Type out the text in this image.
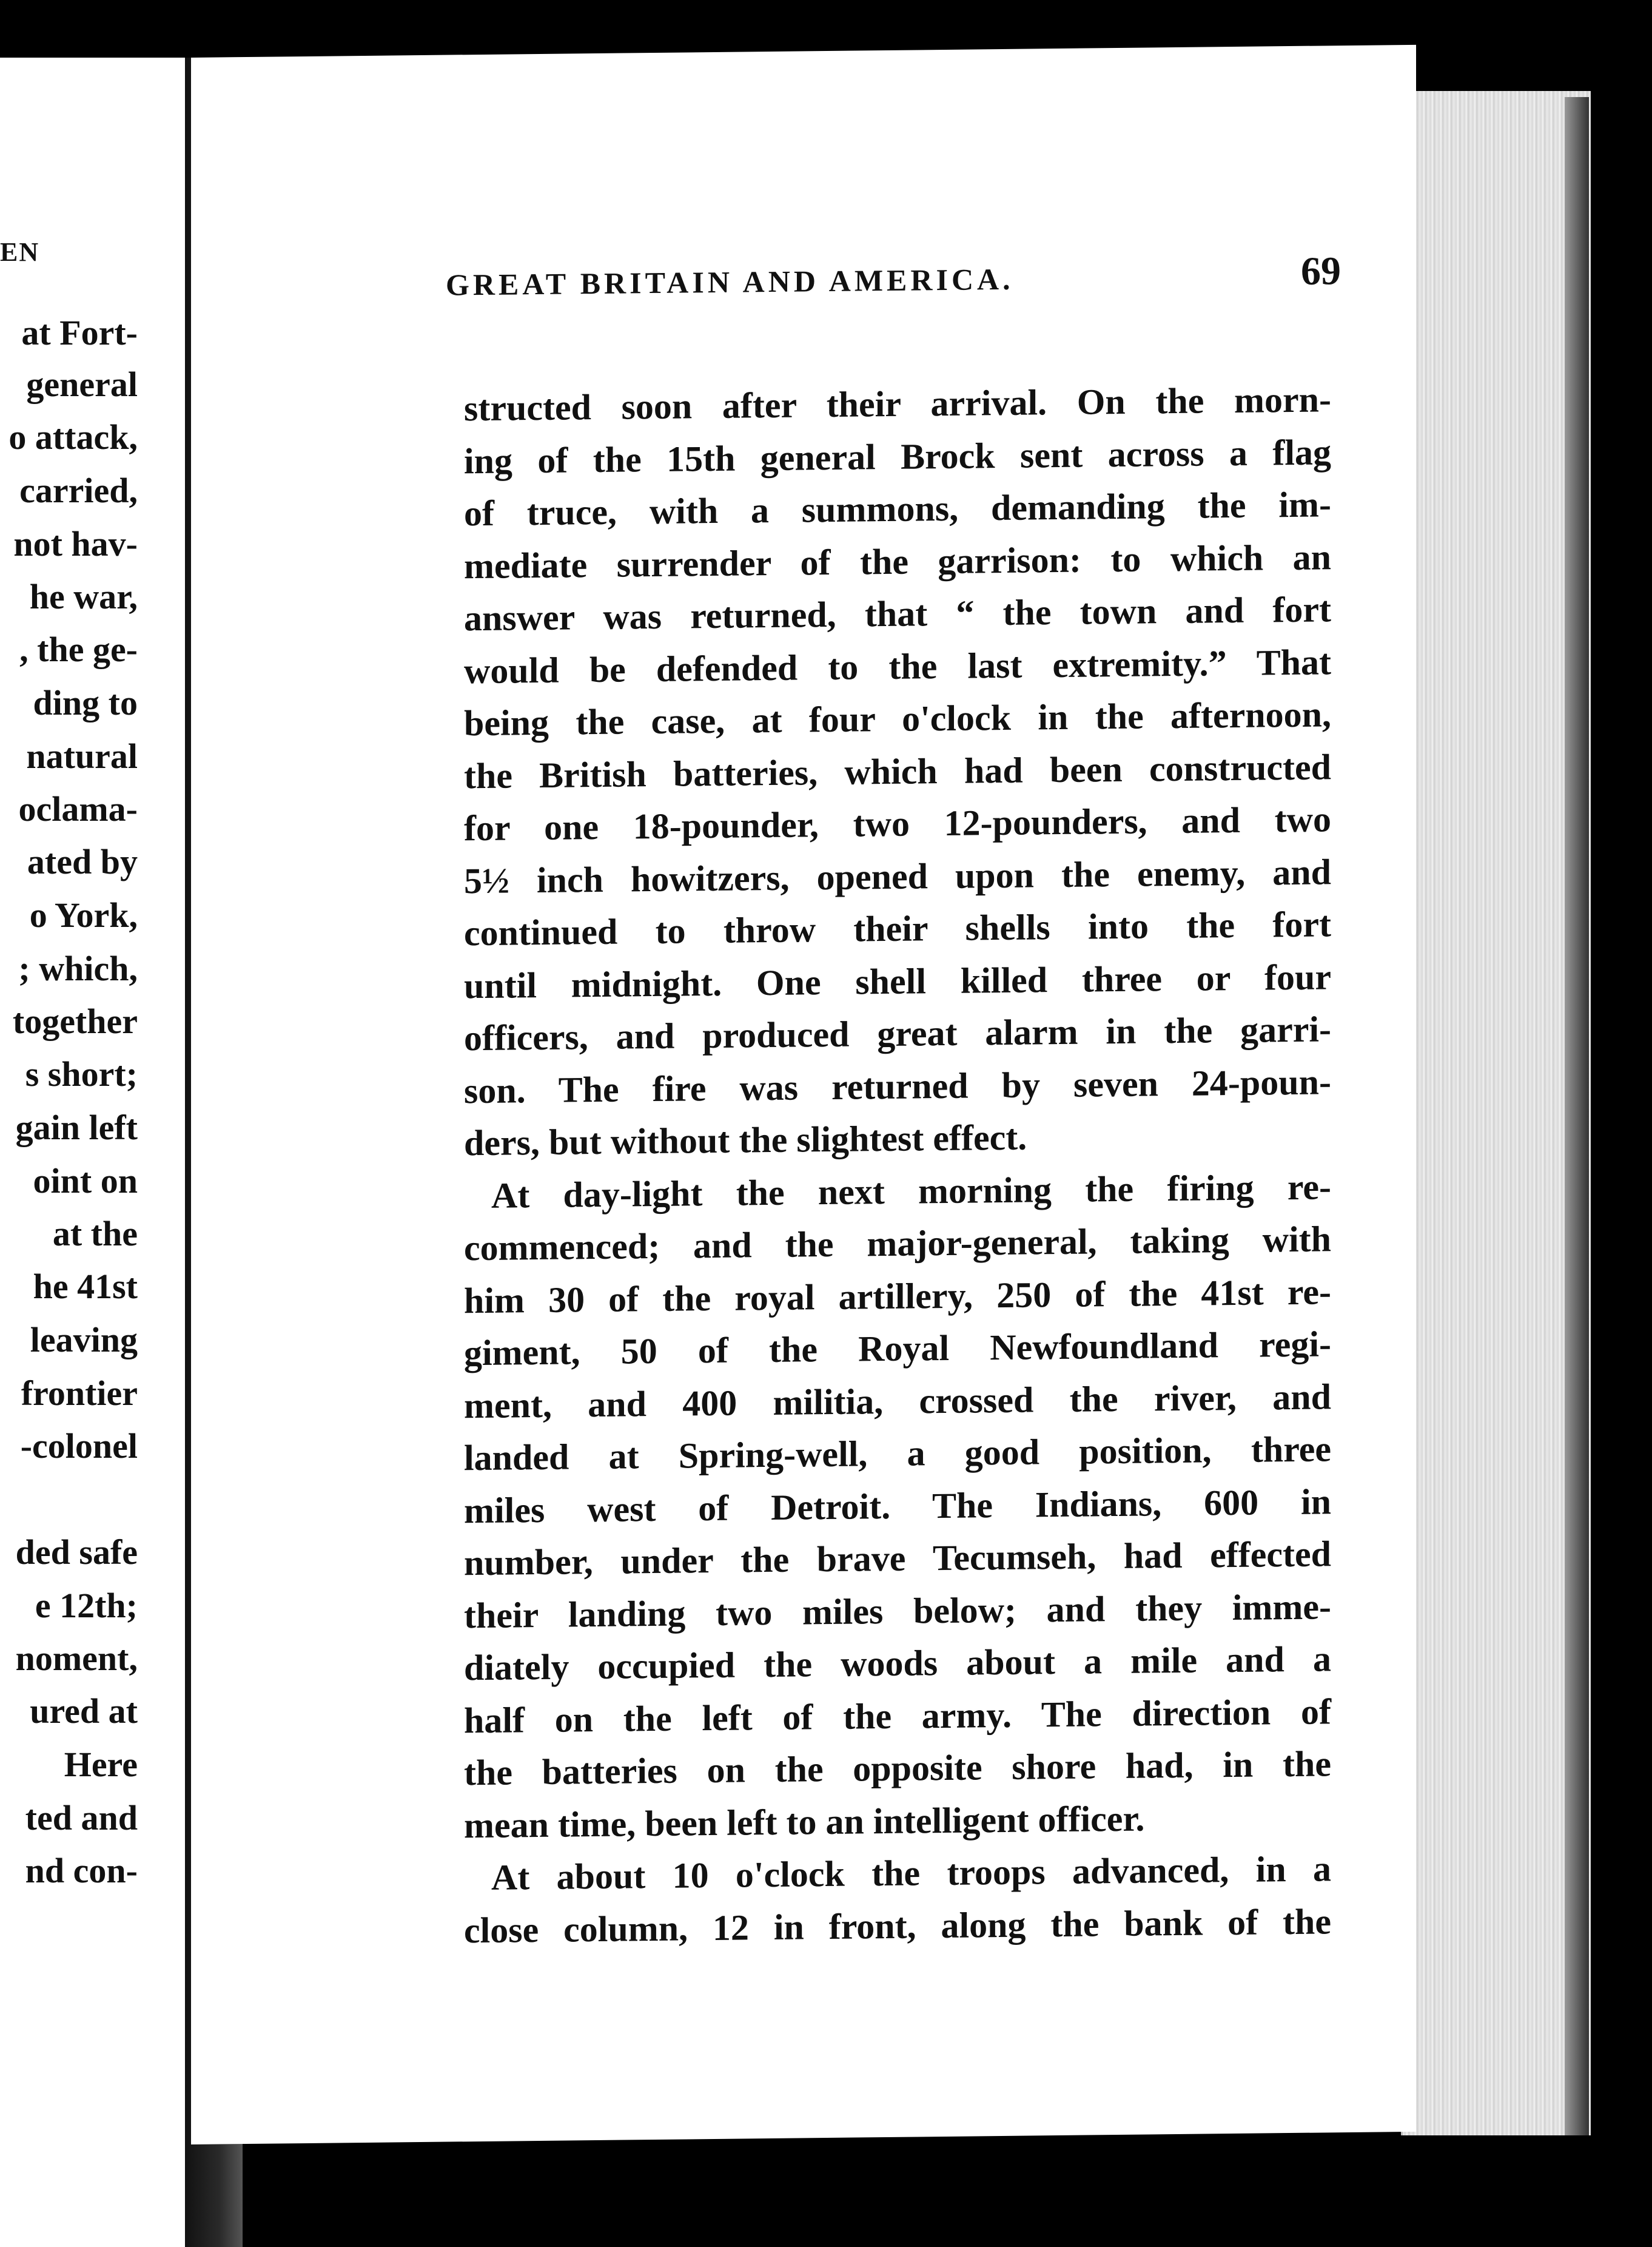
EN
at Fort-
general
o attack,
carried,
not hav-
he war,
, the ge-
ding to
natural
oclama-
ated by
o York,
; which,
together
s short;
gain left
oint on
at the
he 41st
leaving
frontier
-colonel
ded safe
e 12th;
noment,
ured at
Here
ted and
nd con-
GREAT BRITAIN AND AMERICA.	69
structed soon after their arrival. On the morn-
ing of the 15th general Brock sent across a flag
of truce, with a summons, demanding the im-
mediate surrender of the garrison: to which an
answer was returned, that “ the town and fort
would be defended to the last extremity.” That
being the case, at four o'clock in the afternoon,
the British batteries, which had been constructed
for one 18-pounder, two 12-pounders, and two
5½ inch howitzers, opened upon the enemy, and
continued to throw their shells into the fort
until midnight. One shell killed three or four
officers, and produced great alarm in the garri-
son. The fire was returned by seven 24-poun-
ders, but without the slightest effect.
At day-light the next morning the firing re-
commenced; and the major-general, taking with
him 30 of the royal artillery, 250 of the 41st re-
giment, 50 of the Royal Newfoundland regi-
ment, and 400 militia, crossed the river, and
landed at Spring-well, a good position, three
miles west of Detroit. The Indians, 600 in
number, under the brave Tecumseh, had effected
their landing two miles below; and they imme-
diately occupied the woods about a mile and a
half on the left of the army. The direction of
the batteries on the opposite shore had, in the
mean time, been left to an intelligent officer.
At about 10 o'clock the troops advanced, in a
close column, 12 in front, along the bank of the
